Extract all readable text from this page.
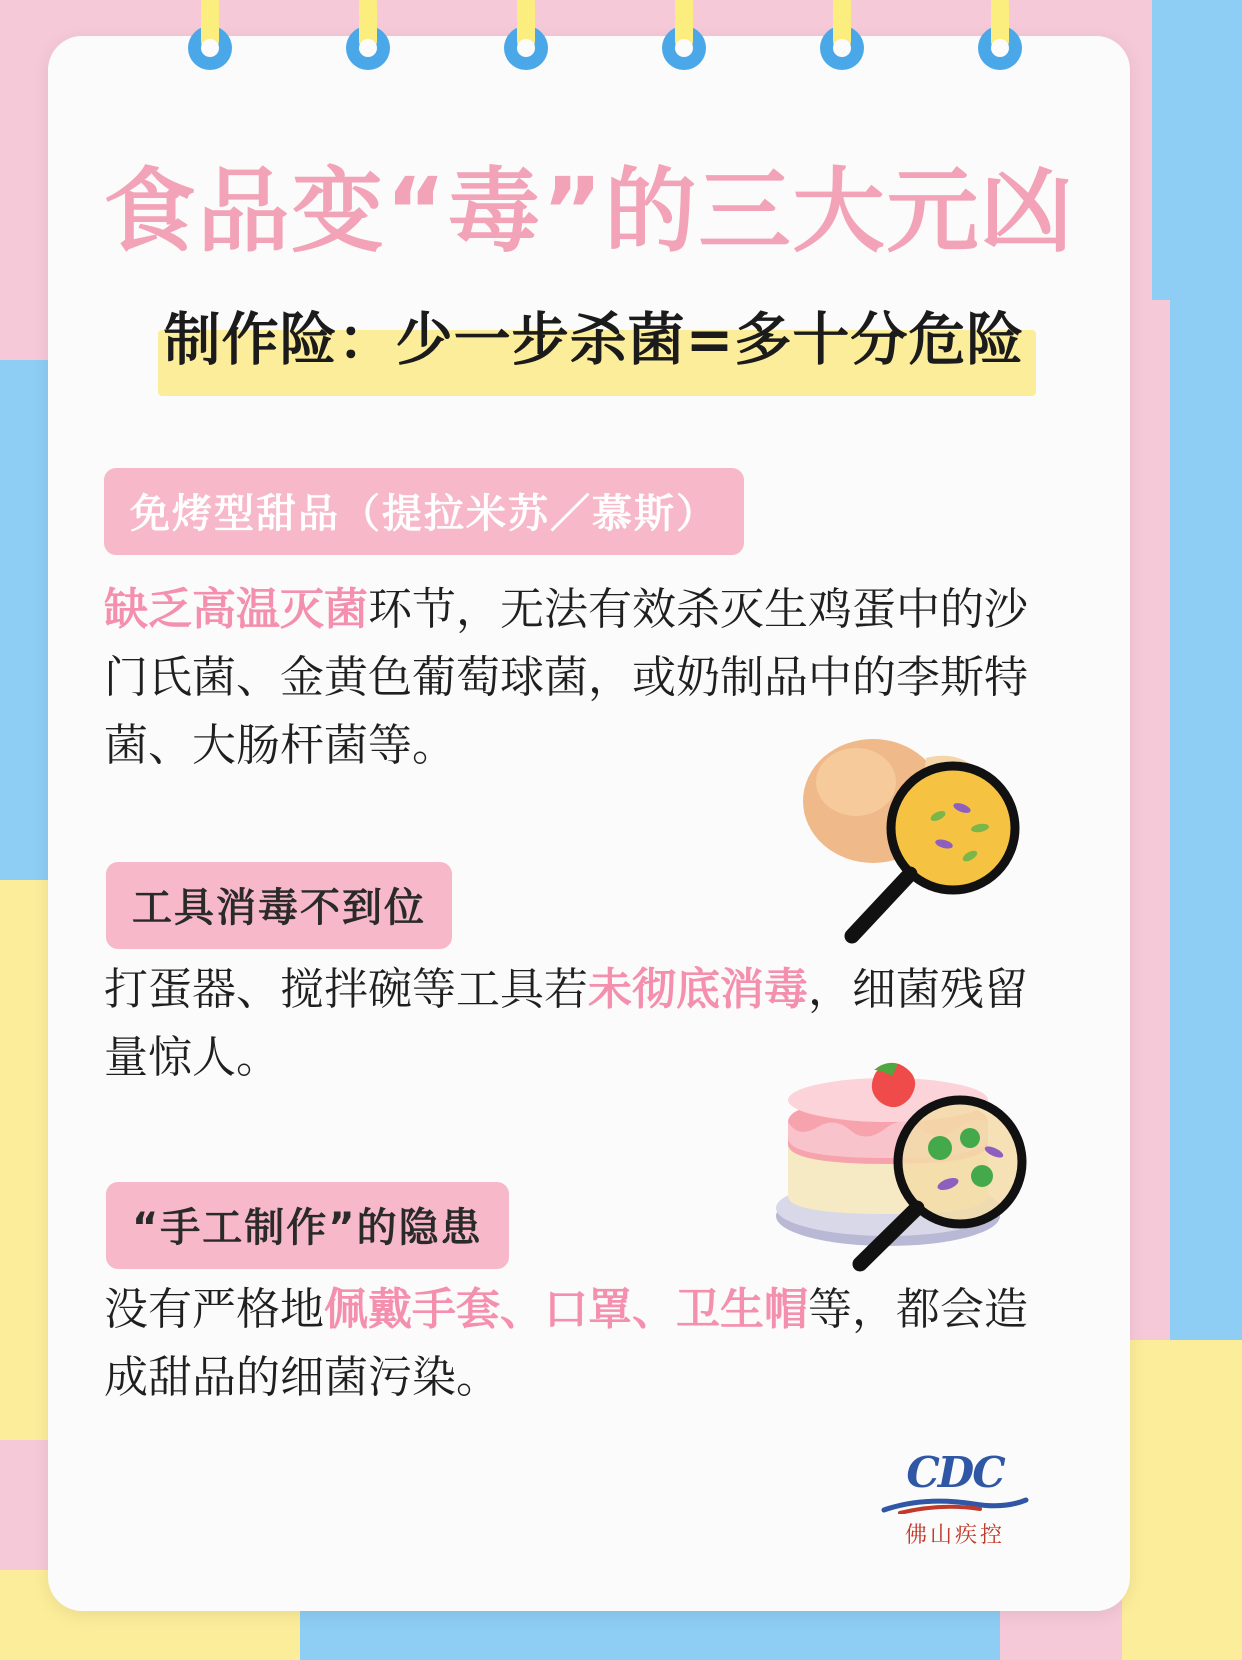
食品变“毒”的三大元凶
制作险：少一步杀菌=多十分危险
免烤型甜品（提拉米苏／慕斯）
缺乏高温灭菌环节，无法有效杀灭生鸡蛋中的沙门氏菌、金黄色葡萄球菌，或奶制品中的李斯特菌、大肠杆菌等。
工具消毒不到位
打蛋器、搅拌碗等工具若未彻底消毒，细菌残留量惊人。
“手工制作”的隐患
没有严格地佩戴手套、口罩、卫生帽等，都会造成甜品的细菌污染。
CDC
佛山疾控
